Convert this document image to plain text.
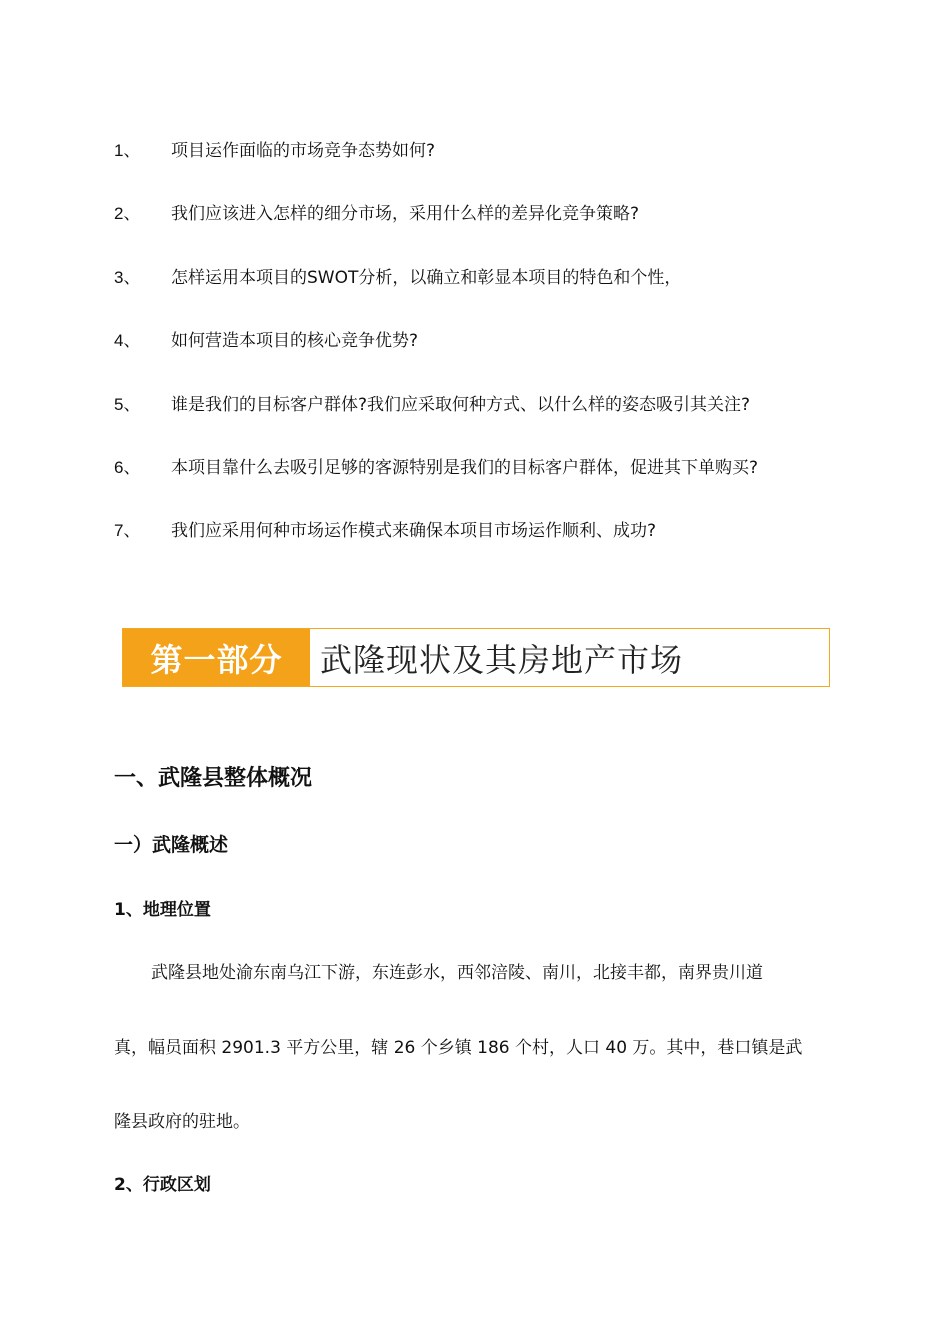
1、	项目运作面临的市场竞争态势如何?
2、	我们应该进入怎样的细分市场，采用什么样的差异化竞争策略?
3、	怎样运用本项目的SWOT分析，以确立和彰显本项目的特色和个性，
4、	如何营造本项目的核心竞争优势?
5、	谁是我们的目标客户群体?我们应采取何种方式、以什么样的姿态吸引其关注?
6、	本项目靠什么去吸引足够的客源特别是我们的目标客户群体，促进其下单购买?
7、	我们应采用何种市场运作模式来确保本项目市场运作顺利、成功?
第一部分	武隆现状及其房地产市场
一、武隆县整体概况
一）武隆概述
1、地理位置
武隆县地处渝东南乌江下游，东连彭水，西邻涪陵、南川，北接丰都，南界贵川道
真，幅员面积 2901.3 平方公里，辖 26 个乡镇 186 个村，人口 40 万。其中，巷口镇是武
隆县政府的驻地。
2、行政区划
